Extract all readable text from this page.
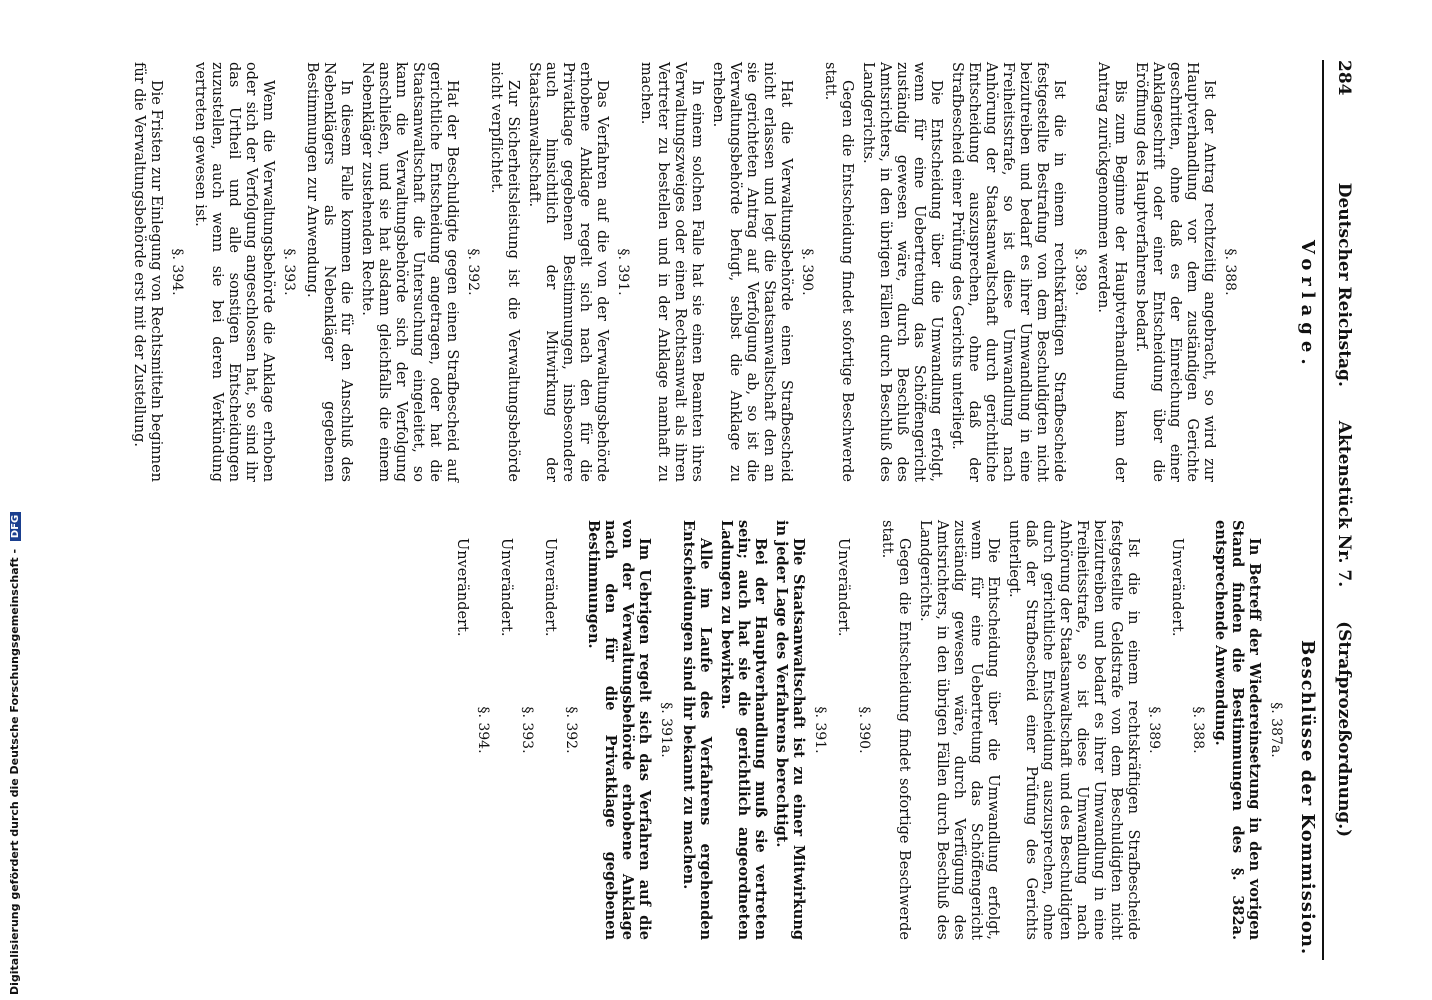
284
Deutscher Reichstag. Aktenstück Nr. 7. (Strafprozeßordnung.)
Vorlage.
Beschlüsse der Kommission.
§. 388.

Ist der Antrag rechtzeitig angebracht, so wird zur Hauptverhandlung vor dem zuständigen Gerichte geschritten, ohne daß es der Einreichung einer Anklageschrift oder einer Entscheidung über die Eröffnung des Hauptverfahrens bedarf.

Bis zum Beginne der Hauptverhandlung kann der Antrag zurückgenommen werden.

§. 389.

Ist die in einem rechtskräftigen Strafbescheide festgestellte Bestrafung von dem Beschuldigten nicht beizutreiben und bedarf es ihrer Umwandlung in eine Freiheitsstrafe, so ist diese Umwandlung nach Anhörung der Staatsanwaltschaft durch gerichtliche Entscheidung auszusprechen, ohne daß der Strafbescheid einer Prüfung des Gerichts unterliegt.

Die Entscheidung über die Umwandlung erfolgt, wenn für eine Uebertretung das Schöffengericht zuständig gewesen wäre, durch Beschluß des Amtsrichters, in den übrigen Fällen durch Beschluß des Landgerichts.

Gegen die Entscheidung findet sofortige Beschwerde statt.

§. 390.

Hat die Verwaltungsbehörde einen Strafbescheid nicht erlassen und legt die Staatsanwaltschaft den an sie gerichteten Antrag auf Verfolgung ab, so ist die Verwaltungsbehörde befugt, selbst die Anklage zu erheben.

In einem solchen Falle hat sie einen Beamten ihres Verwaltungszweiges oder einen Rechtsanwalt als ihren Vertreter zu bestellen und in der Anklage namhaft zu machen.

§. 391.

Das Verfahren auf die von der Verwaltungsbehörde erhobene Anklage regelt sich nach den für die Privatklage gegebenen Bestimmungen, insbesondere auch hinsichtlich der Mitwirkung der Staatsanwaltschaft.

Zur Sicherheitsleistung ist die Verwaltungsbehörde nicht verpflichtet.

§. 392.

Hat der Beschuldigte gegen einen Strafbescheid auf gerichtliche Entscheidung angetragen, oder hat die Staatsanwaltschaft die Untersuchung eingeleitet, so kann die Verwaltungsbehörde sich der Verfolgung anschließen, und sie hat alsdann gleichfalls die einem Nebenkläger zustehenden Rechte.

In diesem Falle kommen die für den Anschluß des Nebenklägers als Nebenkläger gegebenen Bestimmungen zur Anwendung.

§. 393.

Wenn die Verwaltungsbehörde die Anklage erhoben oder sich der Verfolgung angeschlossen hat, so sind ihr das Urtheil und alle sonstigen Entscheidungen zuzustellen, auch wenn sie bei deren Verkündung vertreten gewesen ist.

§. 394.

Die Fristen zur Einlegung von Rechtsmitteln beginnen für die Verwaltungsbehörde erst mit der Zustellung.

§. 387a.

In Betreff der Wiedereinsetzung in den vorigen Stand finden die Bestimmungen des §. 382a. entsprechende Anwendung.

§. 388.

Unverändert.

§. 389.

Ist die in einem rechtskräftigen Strafbescheide festgestellte Geldstrafe von dem Beschuldigten nicht beizutreiben und bedarf es ihrer Umwandlung in eine Freiheitsstrafe, so ist diese Umwandlung nach Anhörung der Staatsanwaltschaft und des Beschuldigten durch gerichtliche Entscheidung auszusprechen, ohne daß der Strafbescheid einer Prüfung des Gerichts unterliegt.

Die Entscheidung über die Umwandlung erfolgt, wenn für eine Uebertretung das Schöffengericht zuständig gewesen wäre, durch Verfügung des Amtsrichters, in den übrigen Fällen durch Beschluß des Landgerichts.

Gegen die Entscheidung findet sofortige Beschwerde statt.

§. 390.

Unverändert.

§. 391.

Die Staatsanwaltschaft ist zu einer Mitwirkung in jeder Lage des Verfahrens berechtigt.

Bei der Hauptverhandlung muß sie vertreten sein; auch hat sie die gerichtlich angeordneten Ladungen zu bewirken.

Alle im Laufe des Verfahrens ergehenden Entscheidungen sind ihr bekannt zu machen.

§. 391a.

Im Uebrigen regelt sich das Verfahren auf die von der Verwaltungsbehörde erhobene Anklage nach den für die Privatklage gegebenen Bestimmungen.

§. 392.

Unverändert.

§. 393.

Unverändert.

§. 394.

Unverändert.

Digitalisierung gefördert durch die Deutsche Forschungsgemeinschaft - DFG
